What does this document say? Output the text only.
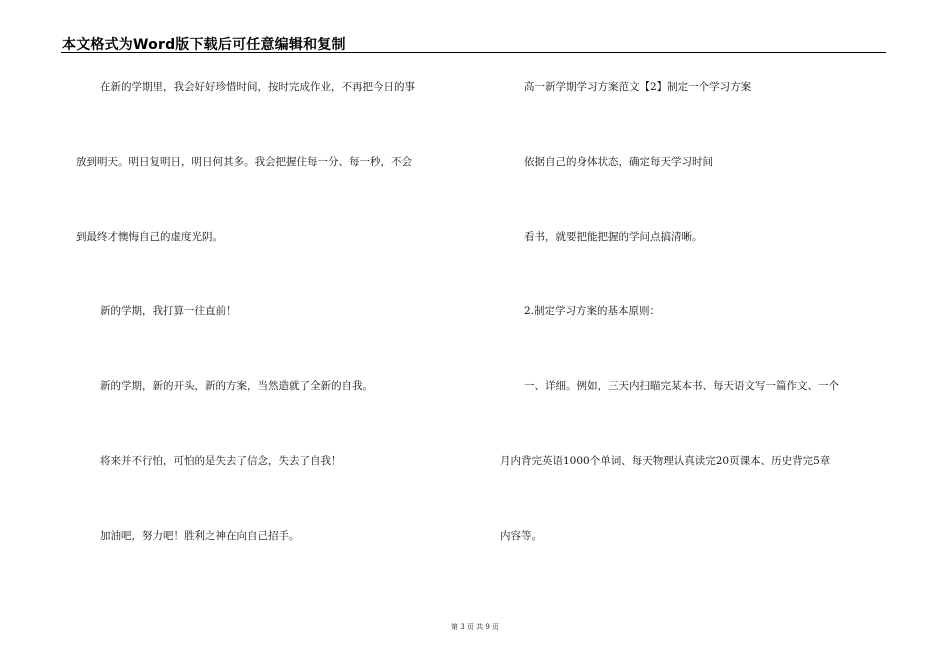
本文格式为Word版下载后可任意编辑和复制
在新的学期里，我会好好珍惜时间，按时完成作业，不再把今日的事
放到明天。明日复明日，明日何其多。我会把握住每一分、每一秒，不会
到最终才懊悔自己的虚度光阴。
新的学期，我打算一往直前！
新的学期，新的开头，新的方案，当然造就了全新的自我。
将来并不行怕，可怕的是失去了信念，失去了自我！
加油吧，努力吧！胜利之神在向自己招手。
高一新学期学习方案范文【2】制定一个学习方案
依据自己的身体状态，确定每天学习时间
看书，就要把能把握的学问点搞清晰。
2.制定学习方案的基本原则：
一、详细。例如，三天内扫瞄完某本书、每天语文写一篇作文、一个
月内背完英语1000个单词、每天物理认真读完20页课本、历史背完5章
内容等。
第 3 页 共 9 页
